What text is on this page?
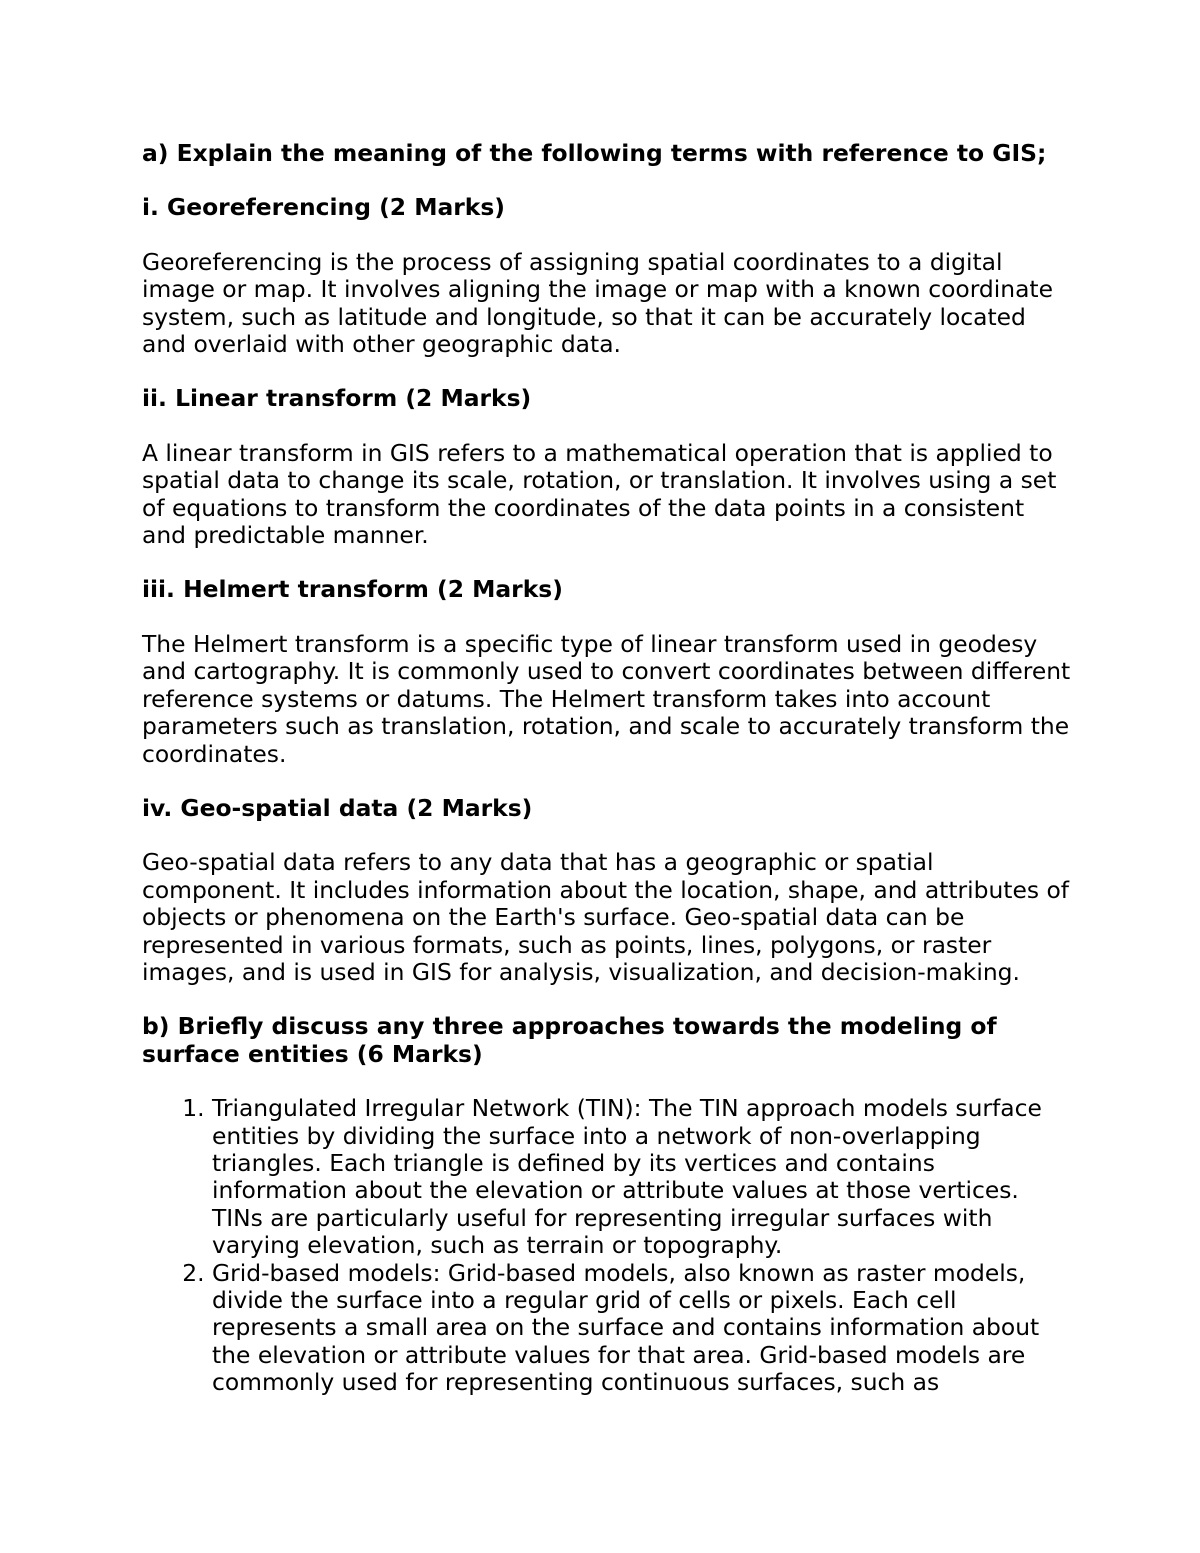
a) Explain the meaning of the following terms with reference to GIS;

i. Georeferencing (2 Marks)

Georeferencing is the process of assigning spatial coordinates to a digital image or map. It involves aligning the image or map with a known coordinate system, such as latitude and longitude, so that it can be accurately located and overlaid with other geographic data.

ii. Linear transform (2 Marks)

A linear transform in GIS refers to a mathematical operation that is applied to spatial data to change its scale, rotation, or translation. It involves using a set of equations to transform the coordinates of the data points in a consistent and predictable manner.

iii. Helmert transform (2 Marks)

The Helmert transform is a specific type of linear transform used in geodesy and cartography. It is commonly used to convert coordinates between different reference systems or datums. The Helmert transform takes into account parameters such as translation, rotation, and scale to accurately transform the coordinates.

iv. Geo-spatial data (2 Marks)

Geo-spatial data refers to any data that has a geographic or spatial component. It includes information about the location, shape, and attributes of objects or phenomena on the Earth's surface. Geo-spatial data can be represented in various formats, such as points, lines, polygons, or raster images, and is used in GIS for analysis, visualization, and decision-making.

b) Briefly discuss any three approaches towards the modeling of surface entities (6 Marks)

1. Triangulated Irregular Network (TIN): The TIN approach models surface entities by dividing the surface into a network of non-overlapping triangles. Each triangle is defined by its vertices and contains information about the elevation or attribute values at those vertices. TINs are particularly useful for representing irregular surfaces with varying elevation, such as terrain or topography.
2. Grid-based models: Grid-based models, also known as raster models, divide the surface into a regular grid of cells or pixels. Each cell represents a small area on the surface and contains information about the elevation or attribute values for that area. Grid-based models are commonly used for representing continuous surfaces, such as
